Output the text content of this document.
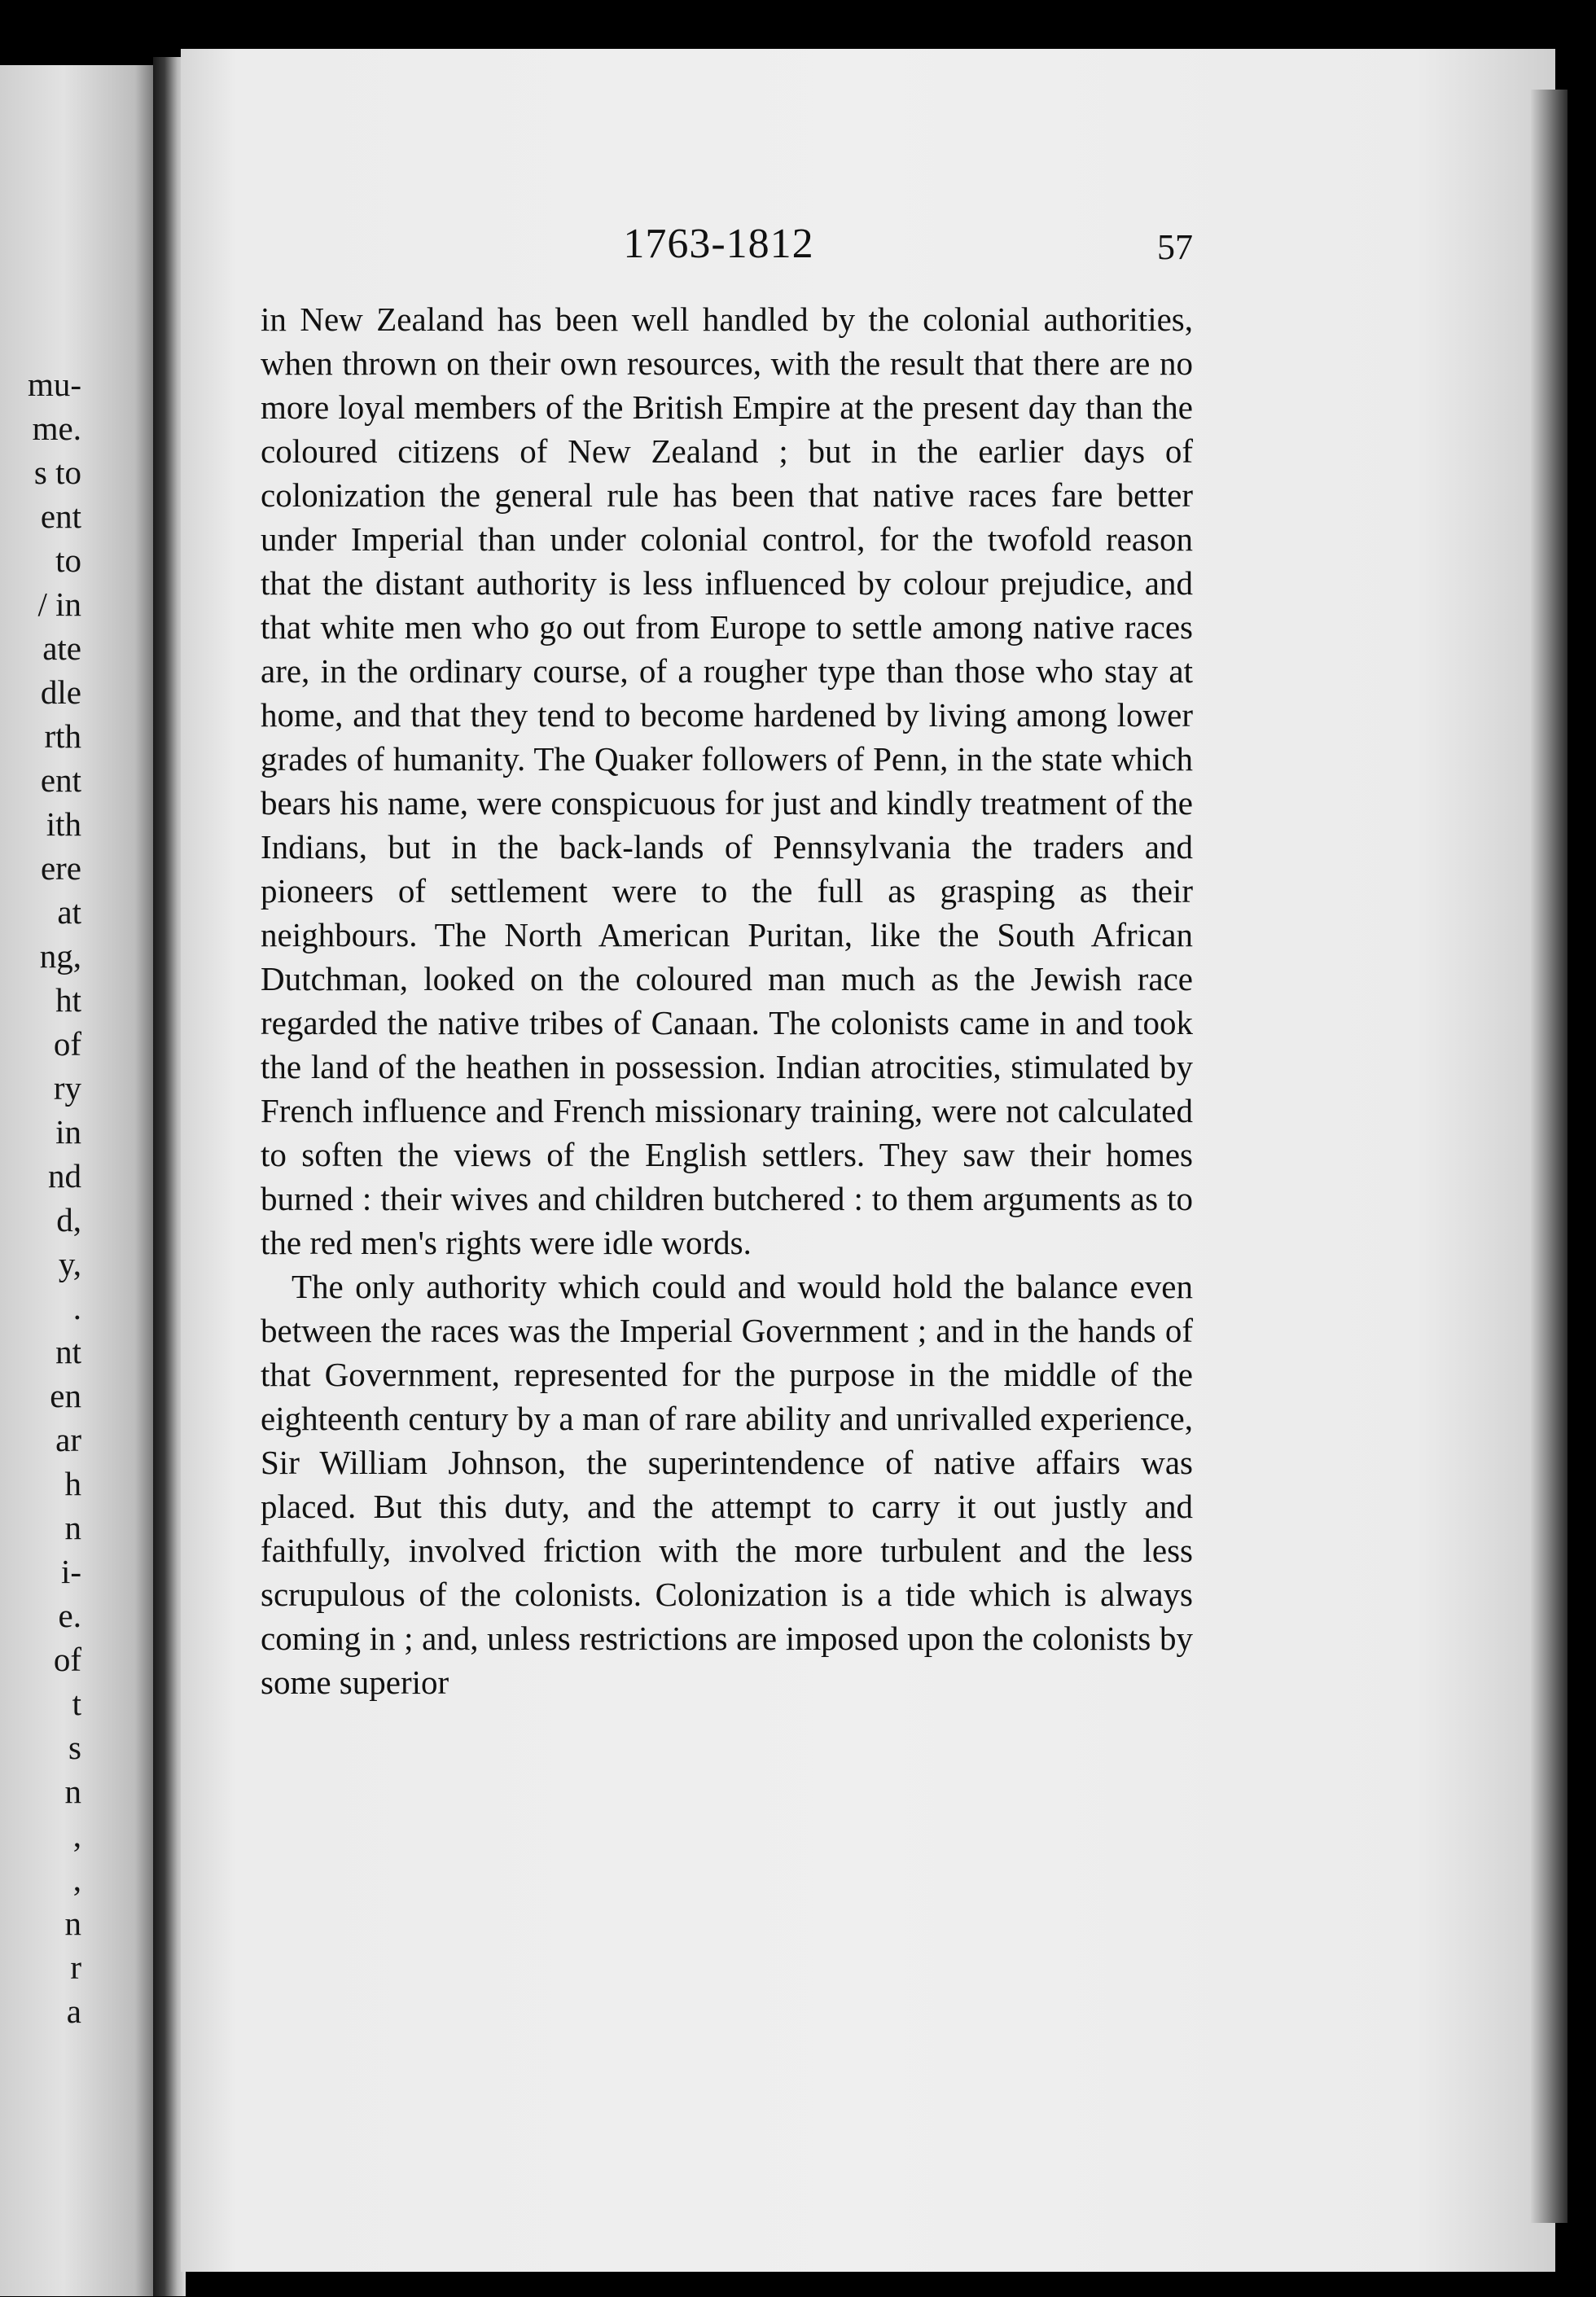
mu-
me.
s to
ent
to
/ in
ate
dle
rth
ent
ith
ere
at
ng,
ht
of
ry
in
nd
d,
y,
.
nt
en
ar
h
n
i-
e.
of
t
s
n
,
,
n
r
a
1763-1812	57

in New Zealand has been well handled by the colonial authorities, when thrown on their own resources, with the result that there are no more loyal members of the British Empire at the present day than the coloured citizens of New Zealand ; but in the earlier days of colonization the general rule has been that native races fare better under Imperial than under colonial control, for the twofold reason that the distant authority is less influenced by colour prejudice, and that white men who go out from Europe to settle among native races are, in the ordinary course, of a rougher type than those who stay at home, and that they tend to become hardened by living among lower grades of humanity. The Quaker followers of Penn, in the state which bears his name, were conspicuous for just and kindly treatment of the Indians, but in the back-lands of Pennsylvania the traders and pioneers of settlement were to the full as grasping as their neighbours. The North American Puritan, like the South African Dutchman, looked on the coloured man much as the Jewish race regarded the native tribes of Canaan. The colonists came in and took the land of the heathen in possession. Indian atrocities, stimulated by French influence and French missionary training, were not calculated to soften the views of the English settlers. They saw their homes burned : their wives and children butchered : to them arguments as to the red men's rights were idle words.

The only authority which could and would hold the balance even between the races was the Imperial Government ; and in the hands of that Government, represented for the purpose in the middle of the eighteenth century by a man of rare ability and unrivalled experience, Sir William Johnson, the superintendence of native affairs was placed. But this duty, and the attempt to carry it out justly and faithfully, involved friction with the more turbulent and the less scrupulous of the colonists. Colonization is a tide which is always coming in ; and, unless restrictions are imposed upon the colonists by some superior
